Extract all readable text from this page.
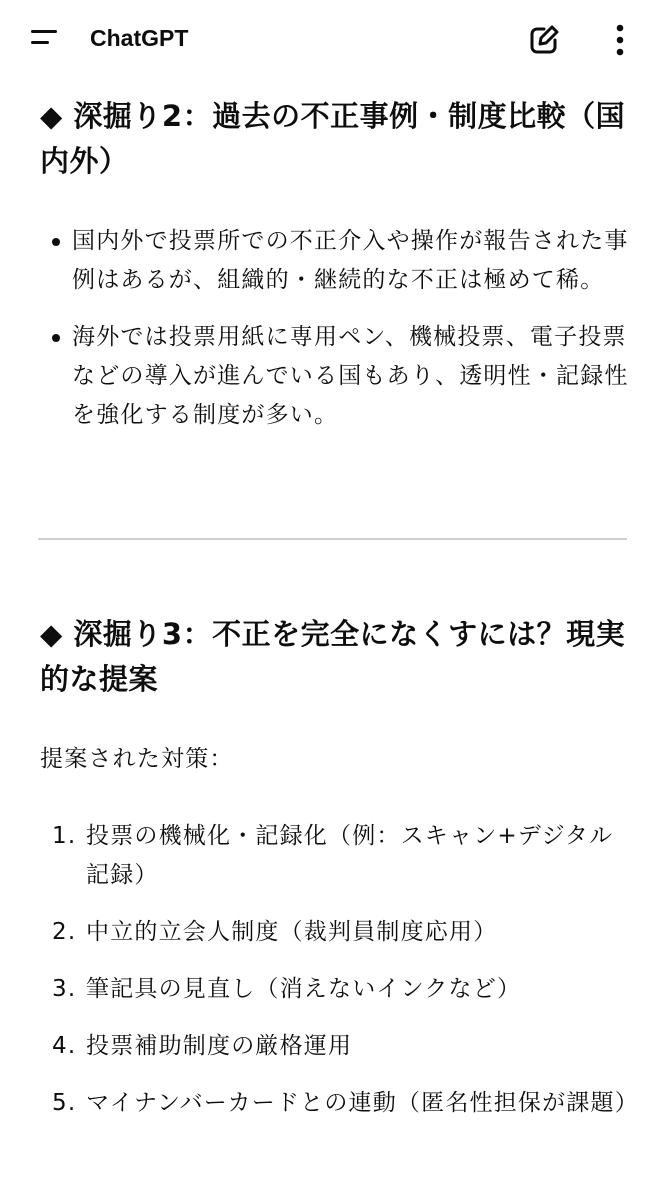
ChatGPT
◆ 深掘り2：過去の不正事例・制度比較（国内外）
国内外で投票所での不正介入や操作が報告された事例はあるが、組織的・継続的な不正は極めて稀。
海外では投票用紙に専用ペン、機械投票、電子投票などの導入が進んでいる国もあり、透明性・記録性を強化する制度が多い。
◆ 深掘り3：不正を完全になくすには？現実的な提案

提案された対策：

1. 投票の機械化・記録化（例：スキャン+デジタル記録）
2. 中立的立会人制度（裁判員制度応用）
3. 筆記具の見直し（消えないインクなど）
4. 投票補助制度の厳格運用
5. マイナンバーカードとの連動（匿名性担保が課題）
